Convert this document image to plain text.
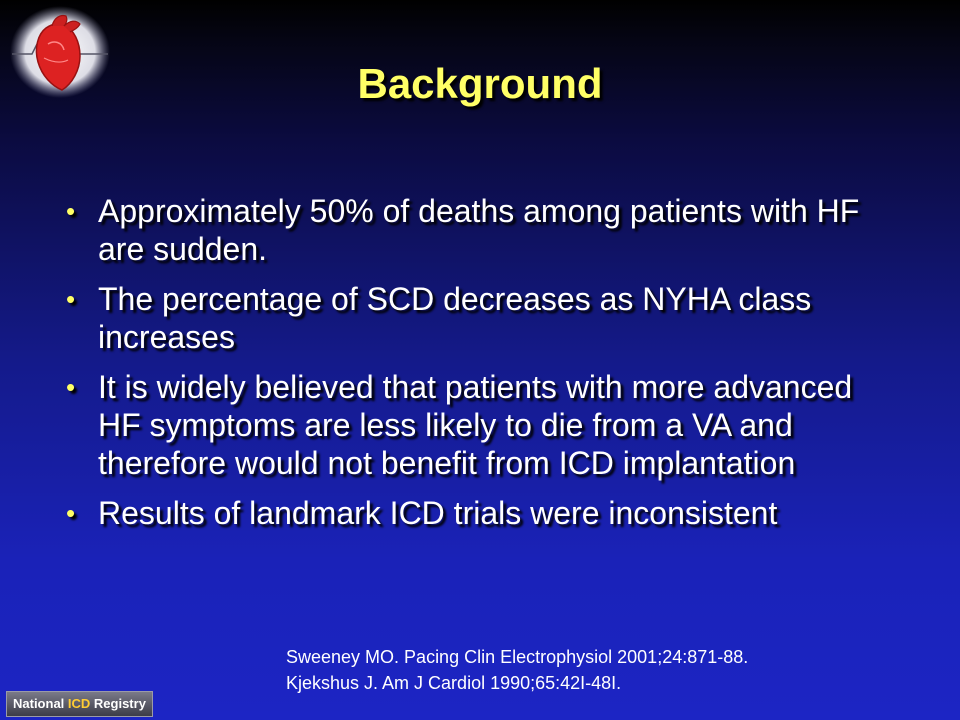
Background
• Approximately 50% of deaths among patients with HF are sudden.
• The percentage of SCD decreases as NYHA class increases
• It is widely believed that patients with more advanced HF symptoms are less likely to die from a VA and therefore would not benefit from ICD implantation
• Results of landmark ICD trials were inconsistent
Sweeney MO. Pacing Clin Electrophysiol 2001;24:871-88.
Kjekshus J. Am J Cardiol 1990;65:42I-48I.
National ICD Registry
